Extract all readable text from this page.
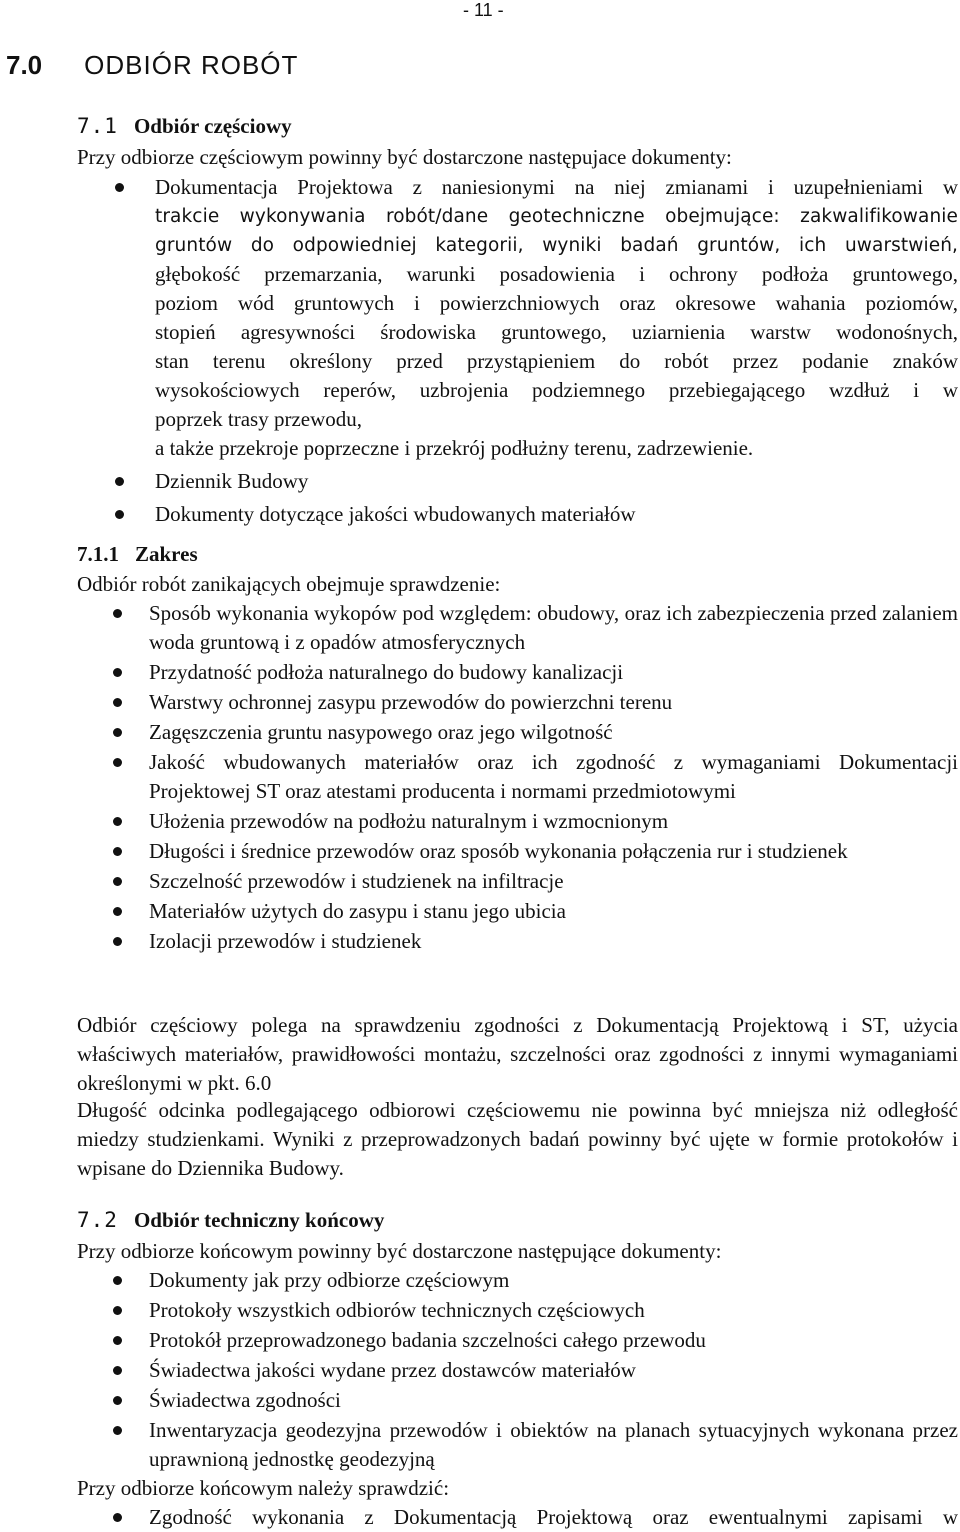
- 11 -
7.0 ODBIÓR ROBÓT
7.1 Odbiór częściowy

Przy odbiorze częściowym powinny być dostarczone następujace dokumenty:

Dokumentacja Projektowa z naniesionymi na niej zmianami i uzupełnieniami w
trakcie wykonywania robót/dane geotechniczne obejmujące: zakwalifikowanie
gruntów do odpowiedniej kategorii, wyniki badań gruntów, ich uwarstwień,
głębokość przemarzania, warunki posadowienia i ochrony podłoża gruntowego,
poziom wód gruntowych i powierzchniowych oraz okresowe wahania poziomów,
stopień agresywności środowiska gruntowego, uziarnienia warstw wodonośnych,
stan terenu określony przed przystąpieniem do robót przez podanie znaków
wysokościowych reperów, uzbrojenia podziemnego przebiegającego wzdłuż i w
poprzek trasy przewodu,
a także przekroje poprzeczne i przekrój podłużny terenu, zadrzewienie.
Dziennik Budowy
Dokumenty dotyczące jakości wbudowanych materiałów
7.1.1 Zakres

Odbiór robót zanikających obejmuje sprawdzenie:

Sposób wykonania wykopów pod względem: obudowy, oraz ich zabezpieczenia przed zalaniem woda gruntową i z opadów atmosferycznych
Przydatność podłoża naturalnego do budowy kanalizacji
Warstwy ochronnej zasypu przewodów do powierzchni terenu
Zagęszczenia gruntu nasypowego oraz jego wilgotność
Jakość wbudowanych materiałów oraz ich zgodność z wymaganiami Dokumentacji Projektowej ST oraz atestami producenta i normami przedmiotowymi
Ułożenia przewodów na podłożu naturalnym i wzmocnionym
Długości i średnice przewodów oraz sposób wykonania połączenia rur i studzienek
Szczelność przewodów i studzienek na infiltracje
Materiałów użytych do zasypu i stanu jego ubicia
Izolacji przewodów i studzienek

Odbiór częściowy polega na sprawdzeniu zgodności z Dokumentacją Projektową i ST, użycia właściwych materiałów, prawidłowości montażu, szczelności oraz zgodności z innymi wymaganiami określonymi w pkt. 6.0

Długość odcinka podlegającego odbiorowi częściowemu nie powinna być mniejsza niż odległość miedzy studzienkami. Wyniki z przeprowadzonych badań powinny być ujęte w formie protokołów i wpisane do Dziennika Budowy.

7.2 Odbiór techniczny końcowy

Przy odbiorze końcowym powinny być dostarczone następujące dokumenty:

Dokumenty jak przy odbiorze częściowym
Protokoły wszystkich odbiorów technicznych częściowych
Protokół przeprowadzonego badania szczelności całego przewodu
Świadectwa jakości wydane przez dostawców materiałów
Świadectwa zgodności
Inwentaryzacja geodezyjna przewodów i obiektów na planach sytuacyjnych wykonana przez uprawnioną jednostkę geodezyjną

Przy odbiorze końcowym należy sprawdzić:

Zgodność wykonania z Dokumentacją Projektową oraz ewentualnymi zapisami w
